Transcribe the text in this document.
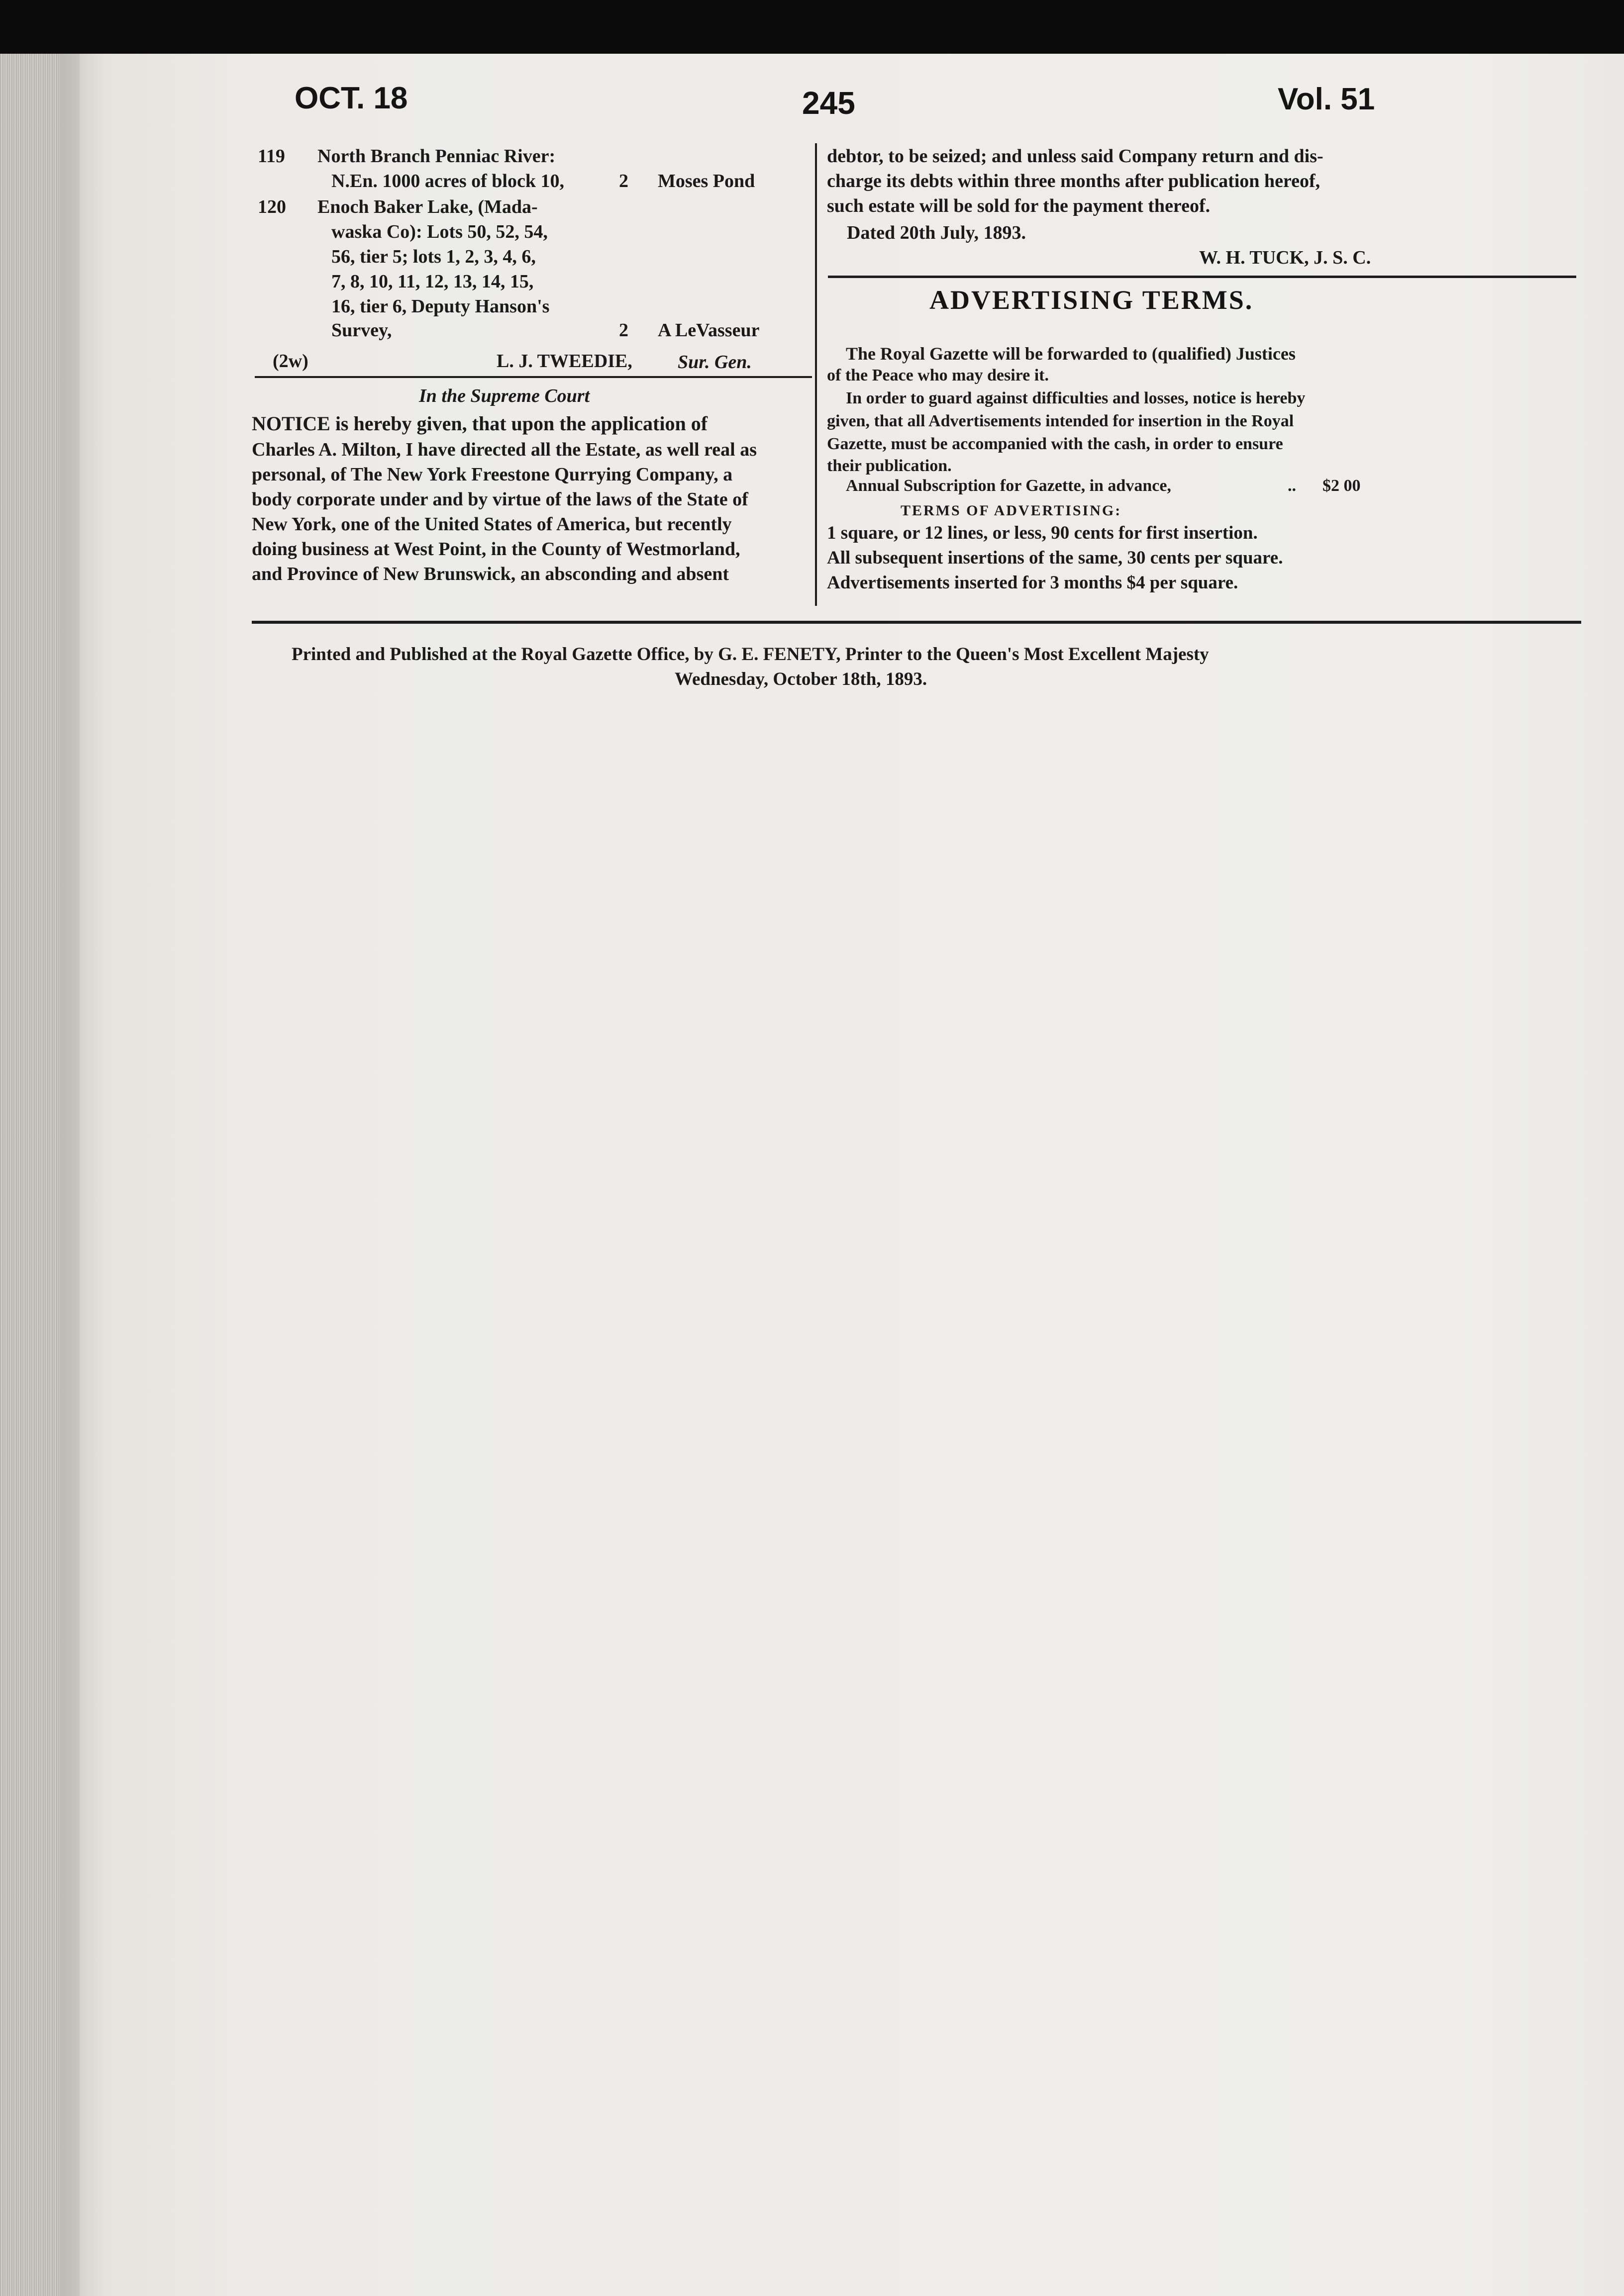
OCT. 18	245	Vol. 51
119 North Branch Penniac River:
N.En. 1000 acres of block 10,	2 Moses Pond
120 Enoch Baker Lake, (Mada-
waska Co): Lots 50, 52, 54,
56, tier 5; lots 1, 2, 3, 4, 6,
7, 8, 10, 11, 12, 13, 14, 15,
16, tier 6, Deputy Hanson's
Survey,	2 A LeVasseur
(2w)	L. J. TWEEDIE, Sur. Gen.
In the Supreme Court
NOTICE is hereby given, that upon the application of
Charles A. Milton, I have directed all the Estate, as well real as
personal, of The New York Freestone Qurrying Company, a
body corporate under and by virtue of the laws of the State of
New York, one of the United States of America, but recently
doing business at West Point, in the County of Westmorland,
and Province of New Brunswick, an absconding and absent
debtor, to be seized; and unless said Company return and dis-
charge its debts within three months after publication hereof,
such estate will be sold for the payment thereof.
Dated 20th July, 1893.
W. H. TUCK, J. S. C.
ADVERTISING TERMS.
The Royal Gazette will be forwarded to (qualified) Justices
of the Peace who may desire it.
In order to guard against difficulties and losses, notice is hereby
given, that all Advertisements intended for insertion in the Royal
Gazette, must be accompanied with the cash, in order to ensure
their publication.
Annual Subscription for Gazette, in advance,	.. $2 00
TERMS OF ADVERTISING:
1 square, or 12 lines, or less, 90 cents for first insertion.
All subsequent insertions of the same, 30 cents per square.
Advertisements inserted for 3 months $4 per square.
Printed and Published at the Royal Gazette Office, by G. E. FENETY, Printer to the Queen's Most Excellent Majesty
Wednesday, October 18th, 1893.
